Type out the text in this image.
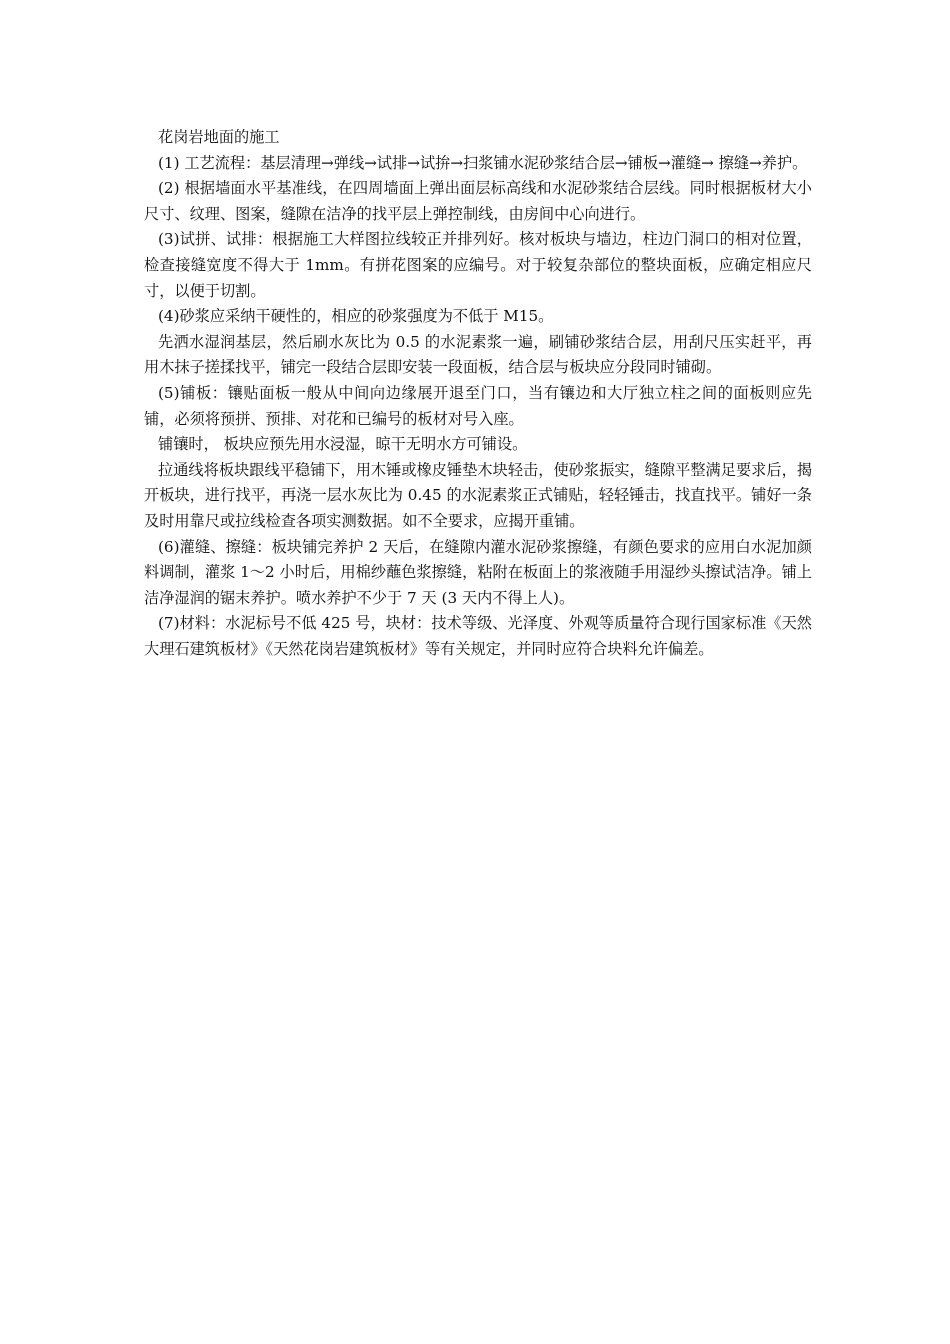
花岗岩地面的施工

(1) 工艺流程：基层清理→弹线→试排→试拚→扫浆铺水泥砂浆结合层→铺板→灌缝→ 擦缝→养护。

(2) 根据墙面水平基准线，在四周墙面上弹出面层标高线和水泥砂浆结合层线。同时根据板材大小尺寸、纹理、图案，缝隙在洁净的找平层上弹控制线，由房间中心向进行。

(3)试拼、试排：根据施工大样图拉线较正并排列好。核对板块与墙边，柱边门洞口的相对位置，检查接缝宽度不得大于 1mm。有拼花图案的应编号。对于较复杂部位的整块面板，应确定相应尺寸，以便于切割。

(4)砂浆应采纳干硬性的，相应的砂浆强度为不低于 M15。

先洒水湿润基层，然后刷水灰比为 0.5 的水泥素浆一遍，刷铺砂浆结合层，用刮尺压实赶平，再用木抹子搓揉找平，铺完一段结合层即安装一段面板，结合层与板块应分段同时铺砌。

(5)铺板：镶贴面板一般从中间向边缘展开退至门口，当有镶边和大厅独立柱之间的面板则应先铺，必须将预拼、预排、对花和已编号的板材对号入座。

铺镶时， 板块应预先用水浸湿，晾干无明水方可铺设。

拉通线将板块跟线平稳铺下，用木锤或橡皮锤垫木块轻击，使砂浆振实，缝隙平整满足要求后，揭开板块，进行找平，再浇一层水灰比为 0.45 的水泥素浆正式铺贴，轻轻锤击，找直找平。铺好一条及时用靠尺或拉线检查各项实测数据。如不全要求，应揭开重铺。

(6)灌缝、擦缝：板块铺完养护 2 天后，在缝隙内灌水泥砂浆擦缝，有颜色要求的应用白水泥加颜料调制，灌浆 1～2 小时后，用棉纱蘸色浆擦缝，粘附在板面上的浆液随手用湿纱头擦试洁净。铺上洁净湿润的锯末养护。喷水养护不少于 7 天 (3 天内不得上人)。

(7)材料：水泥标号不低 425 号，块材：技术等级、光泽度、外观等质量符合现行国家标准《天然大理石建筑板材》《天然花岗岩建筑板材》等有关规定，并同时应符合块料允许偏差。
